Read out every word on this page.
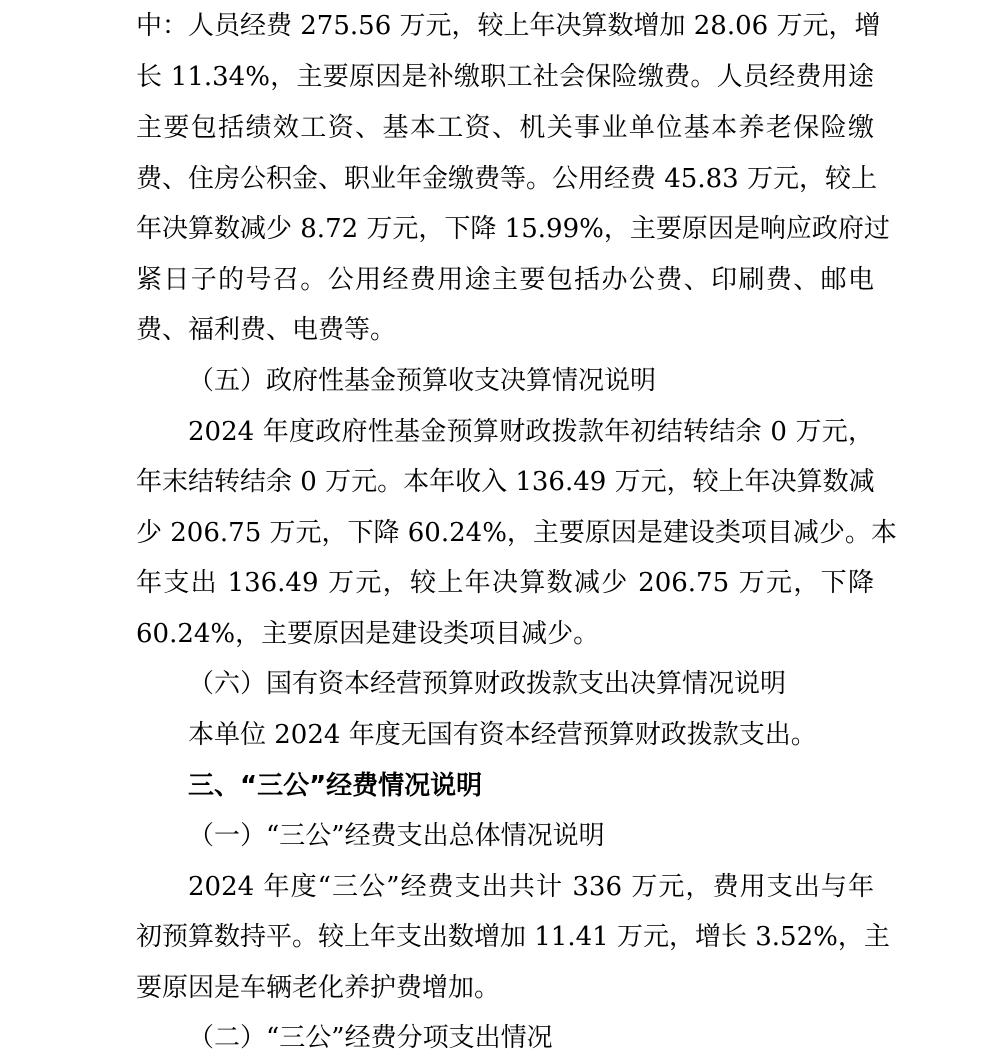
中：人员经费 275.56 万元，较上年决算数增加 28.06 万元，增

长 11.34%，主要原因是补缴职工社会保险缴费。人员经费用途

主要包括绩效工资、基本工资、机关事业单位基本养老保险缴

费、住房公积金、职业年金缴费等。公用经费 45.83 万元，较上

年决算数减少 8.72 万元，下降 15.99%，主要原因是响应政府过

紧日子的号召。公用经费用途主要包括办公费、印刷费、邮电

费、福利费、电费等。

（五）政府性基金预算收支决算情况说明

2024 年度政府性基金预算财政拨款年初结转结余 0 万元，

年末结转结余 0 万元。本年收入 136.49 万元，较上年决算数减

少 206.75 万元，下降 60.24%，主要原因是建设类项目减少。本

年支出 136.49 万元，较上年决算数减少 206.75 万元，下降

60.24%，主要原因是建设类项目减少。

（六）国有资本经营预算财政拨款支出决算情况说明

本单位 2024 年度无国有资本经营预算财政拨款支出。

三、“三公”经费情况说明

（一）“三公”经费支出总体情况说明

2024 年度“三公”经费支出共计 336 万元，费用支出与年

初预算数持平。较上年支出数增加 11.41 万元，增长 3.52%，主

要原因是车辆老化养护费增加。

（二）“三公”经费分项支出情况
